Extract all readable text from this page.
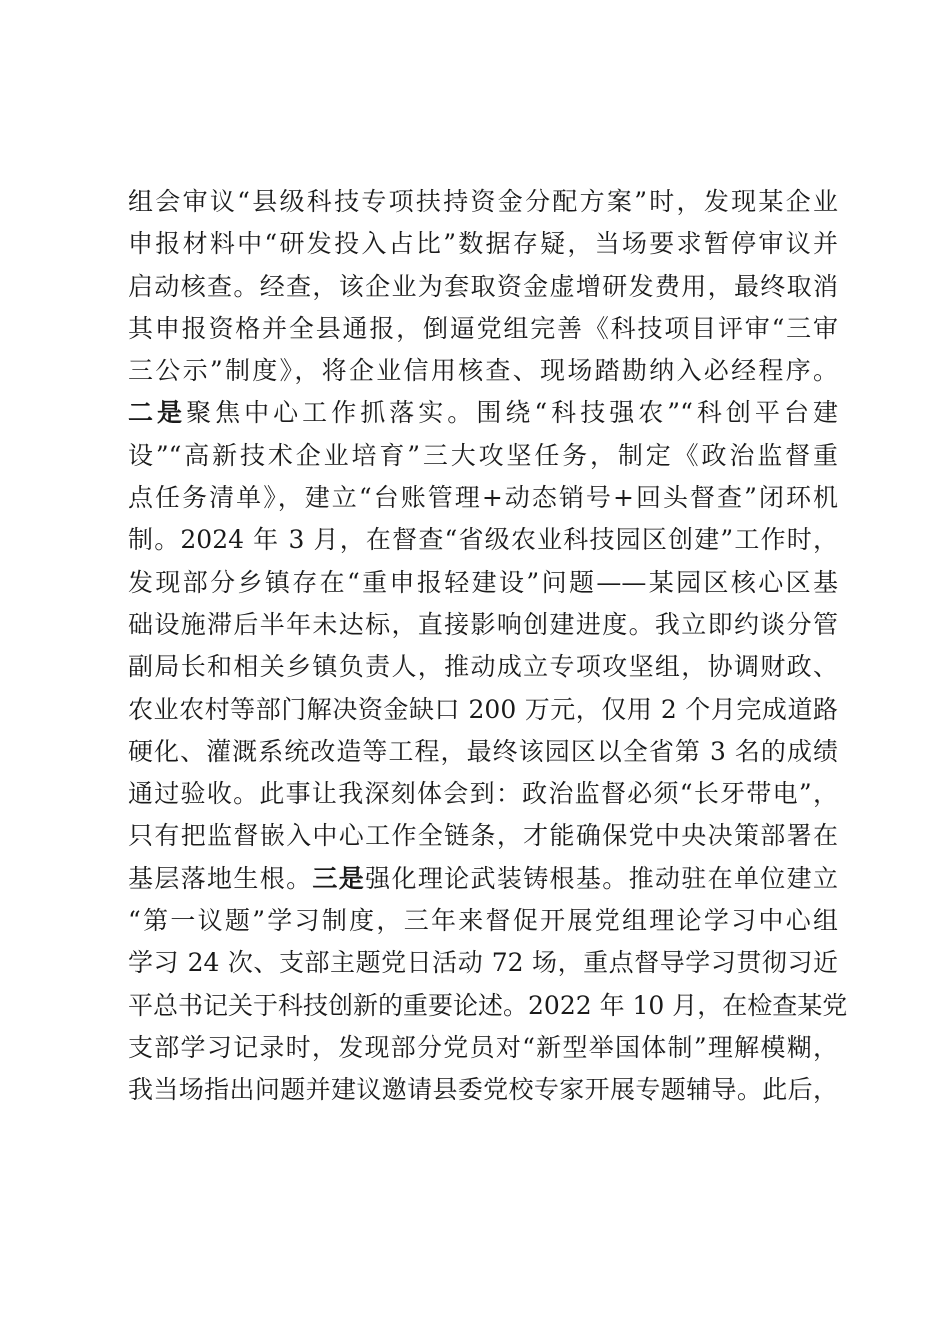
组会审议“县级科技专项扶持资金分配方案”时，发现某企业
申报材料中“研发投入占比”数据存疑，当场要求暂停审议并
启动核查。经查，该企业为套取资金虚增研发费用，最终取消
其申报资格并全县通报，倒逼党组完善《科技项目评审“三审
三公示”制度》，将企业信用核查、现场踏勘纳入必经程序。
二是聚焦中心工作抓落实。围绕“科技强农”“科创平台建
设”“高新技术企业培育”三大攻坚任务，制定《政治监督重
点任务清单》，建立“台账管理+动态销号+回头督查”闭环机
制。2024 年 3 月，在督查“省级农业科技园区创建”工作时，
发现部分乡镇存在“重申报轻建设”问题——某园区核心区基
础设施滞后半年未达标，直接影响创建进度。我立即约谈分管
副局长和相关乡镇负责人，推动成立专项攻坚组，协调财政、
农业农村等部门解决资金缺口 200 万元，仅用 2 个月完成道路
硬化、灌溉系统改造等工程，最终该园区以全省第 3 名的成绩
通过验收。此事让我深刻体会到：政治监督必须“长牙带电”，
只有把监督嵌入中心工作全链条，才能确保党中央决策部署在
基层落地生根。三是强化理论武装铸根基。推动驻在单位建立
“第一议题”学习制度，三年来督促开展党组理论学习中心组
学习 24 次、支部主题党日活动 72 场，重点督导学习贯彻习近
平总书记关于科技创新的重要论述。2022 年 10 月，在检查某党
支部学习记录时，发现部分党员对“新型举国体制”理解模糊，
我当场指出问题并建议邀请县委党校专家开展专题辅导。此后，
